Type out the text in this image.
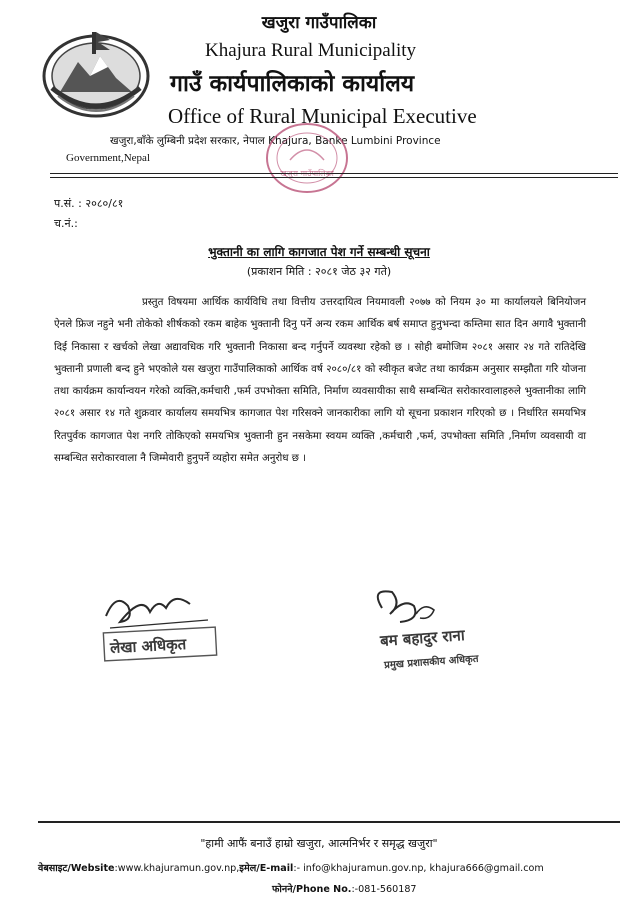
खजुरा गाउँपालिका
Khajura Rural Municipality
गाउँ कार्यपालिकाको कार्यालय
Office of Rural Municipal Executive
खजुरा,बाँके लुम्बिनी प्रदेश सरकार, नेपाल Khajura, Banke Lumbini Province
Government,Nepal
खजुरा गाउँपालिका
प.सं. : २०८०/८१
च.नं.:
भुक्तानी का लागि कागजात पेश गर्ने सम्बन्धी सूचना
(प्रकाशन मिति : २०८१ जेठ ३२ गते)
प्रस्तुत विषयमा आर्थिक कार्यविधि तथा वित्तीय उत्तरदायित्व नियमावली २०७७ को नियम ३० मा कार्यालयले बिनियोजन ऐनले फ्रिज नहुने भनी तोकेको शीर्षकको रकम बाहेक भुक्तानी दिनु पर्ने अन्य रकम आर्थिक बर्ष समाप्त हुनुभन्दा कम्तिमा सात दिन अगावै भुक्तानी दिई निकासा र खर्चको लेखा अद्यावधिक गरि भुक्तानी निकासा बन्द गर्नुपर्ने व्यवस्था रहेको छ । सोही बमोजिम २०८१ असार २४ गते रातिदेखि भुक्तानी प्रणाली बन्द हुने भएकोले यस खजुरा गाउँपालिकाको आर्थिक वर्ष २०८०/८१ को स्वीकृत बजेट तथा कार्यक्रम अनुसार सम्झौता गरि योजना तथा कार्यक्रम कार्यान्वयन गरेको व्यक्ति,कर्मचारी ,फर्म उपभोक्ता समिति, निर्माण व्यवसायीका साथै सम्बन्धित सरोकारवालाहरुले भुक्तानीका लागि २०८१ असार १४ गते शुक्रवार कार्यालय समयभित्र कागजात पेश गरिसक्ने जानकारीका लागि यो सूचना प्रकाशन गरिएको छ । निर्धारित समयभित्र रितपुर्वक कागजात पेश नगरि तोकिएको समयभित्र भुक्तानी हुन नसकेमा स्वयम व्यक्ति ,कर्मचारी ,फर्म, उपभोक्ता समिति ,निर्माण व्यवसायी वा सम्बन्धित सरोकारवाला नै जिम्मेवारी हुनुपर्ने व्यहोरा समेत अनुरोध छ ।
लेखा अधिकृत	बम बहादुर राना
प्रमुख प्रशासकीय अधिकृत
"हामी आफैं बनाउँ हाम्रो खजुरा, आत्मनिर्भर र समृद्ध खजुरा"
वेबसाइट/Website:www.khajuramun.gov.np,इमेल/E-mail:- info@khajuramun.gov.np, khajura666@gmail.com
फोनने/Phone No.:-081-560187
